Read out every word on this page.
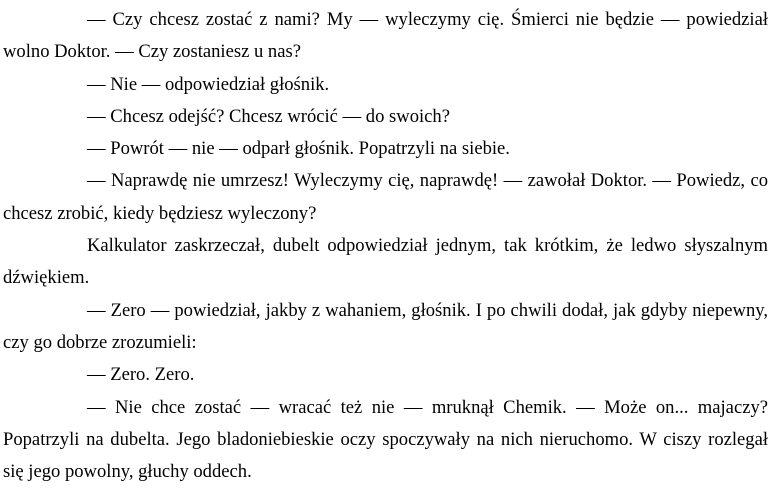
— Czy chcesz zostać z nami? My — wyleczymy cię. Śmierci nie będzie — powiedział wolno Doktor. — Czy zostaniesz u nas?

— Nie — odpowiedział głośnik.

— Chcesz odejść? Chcesz wrócić — do swoich?

— Powrót — nie — odparł głośnik. Popatrzyli na siebie.

— Naprawdę nie umrzesz! Wyleczymy cię, naprawdę! — zawołał Doktor. — Powiedz, co chcesz zrobić, kiedy będziesz wyleczony?

Kalkulator zaskrzeczał, dubelt odpowiedział jednym, tak krótkim, że ledwo słyszalnym dźwiękiem.

— Zero — powiedział, jakby z wahaniem, głośnik. I po chwili dodał, jak gdyby niepewny, czy go dobrze zrozumieli:

— Zero. Zero.

— Nie chce zostać — wracać też nie — mruknął Chemik. — Może on... majaczy? Popatrzyli na dubelta. Jego bladoniebieskie oczy spoczywały na nich nieruchomo. W ciszy rozlegał się jego powolny, głuchy oddech.
